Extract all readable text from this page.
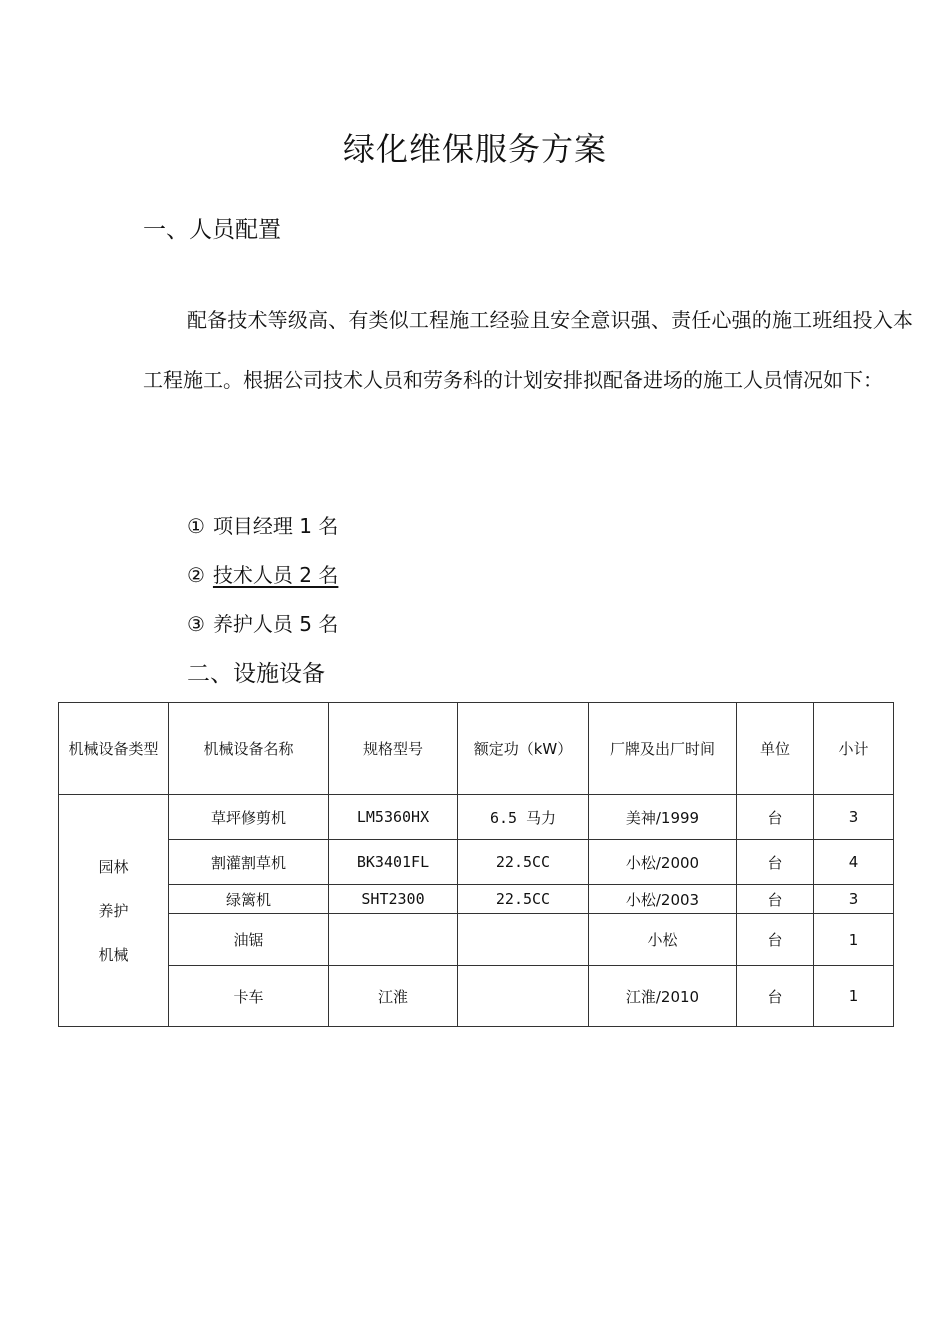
绿化维保服务方案
一、人员配置

配备技术等级高、有类似工程施工经验且安全意识强、责任心强的施工班组投入本工程施工。根据公司技术人员和劳务科的计划安排拟配备进场的施工人员情况如下：

① 项目经理 1 名

② 技术人员 2 名

③ 养护人员 5 名

二、设施设备
机械设备类型	机械设备名称	规格型号	额定功（kW）	厂牌及出厂时间	单位	小计

园林
养护
机械	草坪修剪机	LM5360HX	6.5 马力	美神/1999	台	3
	割灌割草机	BK3401FL	22.5CC	小松/2000	台	4
	绿篱机	SHT2300	22.5CC	小松/2003	台	3
	油锯			小松	台	1
	卡车	江淮		江淮/2010	台	1
